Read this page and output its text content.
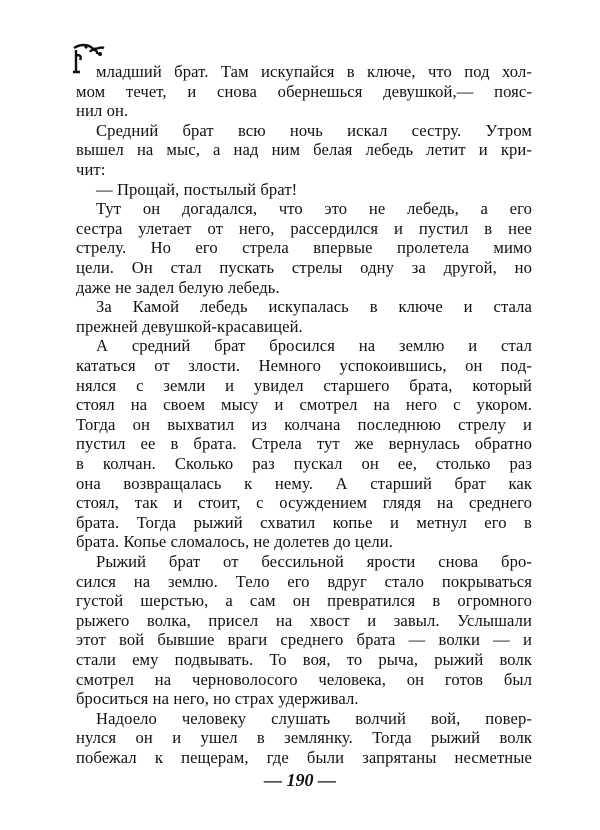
младший брат. Там искупайся в ключе, что под хол-
мом течет, и снова обернешься девушкой,— пояс-
нил он.
Средний брат всю ночь искал сестру. Утром
вышел на мыс, а над ним белая лебедь летит и кри-
чит:
— Прощай, постылый брат!
Тут он догадался, что это не лебедь, а его
сестра улетает от него, рассердился и пустил в нее
стрелу. Но его стрела впервые пролетела мимо
цели. Он стал пускать стрелы одну за другой, но
даже не задел белую лебедь.
За Камой лебедь искупалась в ключе и стала
прежней девушкой-красавицей.
А средний брат бросился на землю и стал
кататься от злости. Немного успокоившись, он под-
нялся с земли и увидел старшего брата, который
стоял на своем мысу и смотрел на него с укором.
Тогда он выхватил из колчана последнюю стрелу и
пустил ее в брата. Стрела тут же вернулась обратно
в колчан. Сколько раз пускал он ее, столько раз
она возвращалась к нему. А старший брат как
стоял, так и стоит, с осуждением глядя на среднего
брата. Тогда рыжий схватил копье и метнул его в
брата. Копье сломалось, не долетев до цели.
Рыжий брат от бессильной ярости снова бро-
сился на землю. Тело его вдруг стало покрываться
густой шерстью, а сам он превратился в огромного
рыжего волка, присел на хвост и завыл. Услышали
этот вой бывшие враги среднего брата — волки — и
стали ему подвывать. То воя, то рыча, рыжий волк
смотрел на черноволосого человека, он готов был
броситься на него, но страх удерживал.
— 190 —
Надоело человеку слушать волчий вой, повер-
нулся он и ушел в землянку. Тогда рыжий волк
побежал к пещерам, где были запрятаны несметные
